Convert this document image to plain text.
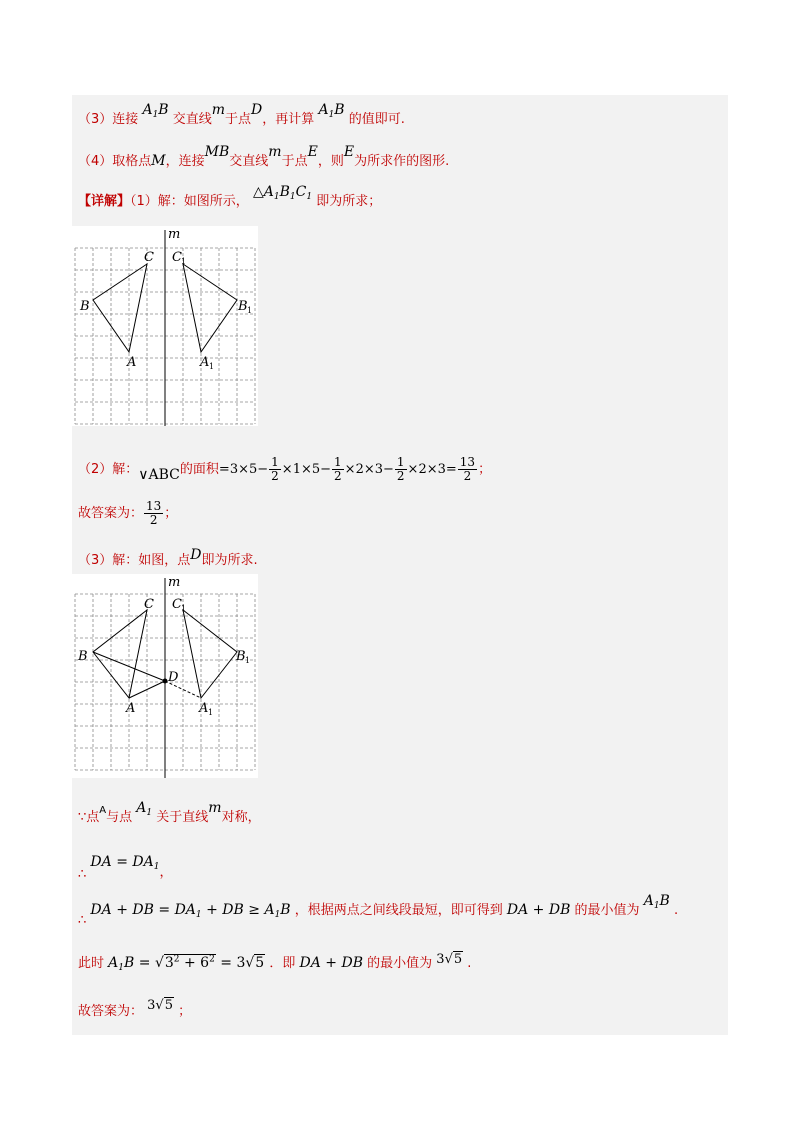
（3）连接 $A_1B$ 交直线m于点D，再计算 $A_1B$ 的值即可.
（4）取格点M，连接MB交直线m于点E，则E为所求作的图形.
【详解】（1）解：如图所示， $\triangle A_1B_1C_1$ 即为所求；
m
C
B
A
C 1
B 1
A 1
（2）解：∨ABC的面积$=3\times 5- \frac{1}{2} \times 1\times 5- \frac{1}{2} \times 2\times 3- \frac{1}{2} \times 2\times 3= \frac{13}{2}$ ；
故答案为： $\frac{13}{2}$ ；
（3）解：如图，点D即为所求.
m
C
B
A
D
C 1
B 1
A 1
∵点$^A$与点 $A_1$ 关于直线m对称，
∴ DA = $DA_1$，
∴ DA + DB = $DA_1$ + DB ≥ $A_1B$ ，根据两点之间线段最短，即可得到 DA + DB 的最小值为 $A_1B$ .
此时 $A_1B = √3^2 + 6^2 = 3√5$ ．即 DA + DB 的最小值为 3√5 .
故答案为： 3√5 ；
